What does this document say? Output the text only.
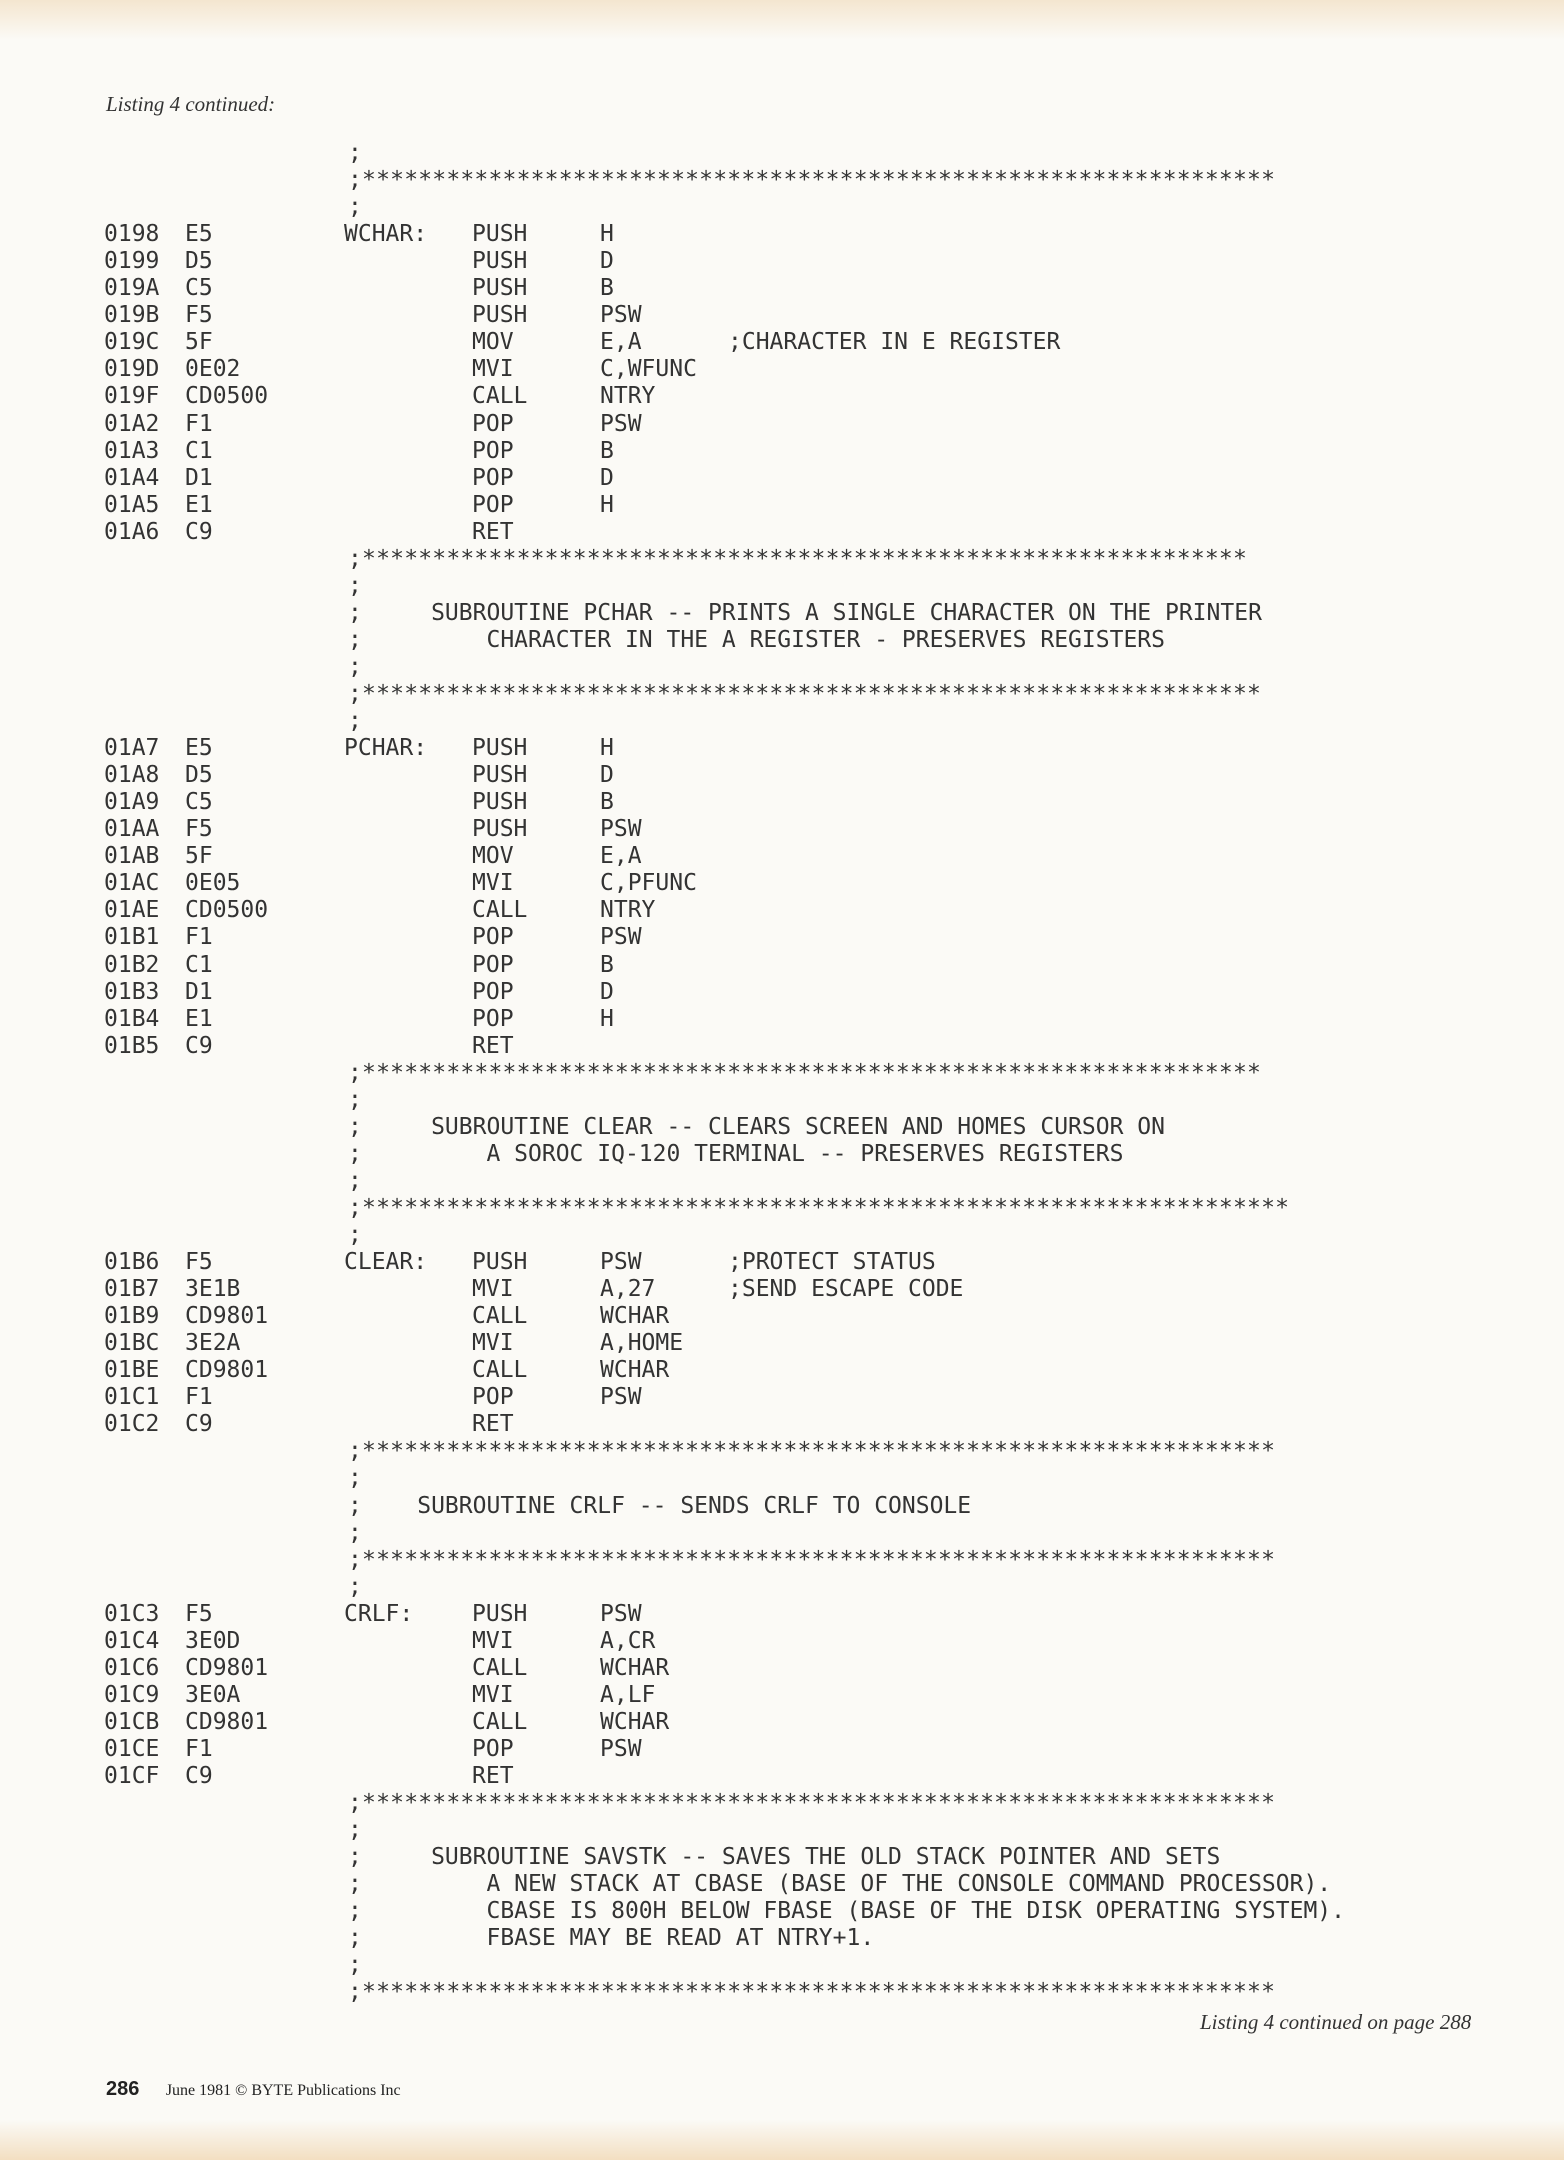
Listing 4 continued:
;
;*****************************************************************
;
0198 E5	WCHAR: PUSH	H
0199 D5	PUSH	D
019A C5	PUSH	B
019B F5	PUSH	PSW
019C 5F	MOV	E,A	;CHARACTER IN E REGISTER
019D 0E02	MVI	C,WFUNC
019F CD0500	CALL	NTRY
01A2 F1	POP	PSW
01A3 C1	POP	B
01A4 D1	POP	D
01A5 E1	POP	H
01A6 C9	RET
;***************************************************************
;
;     SUBROUTINE PCHAR -- PRINTS A SINGLE CHARACTER ON THE PRINTER
;         CHARACTER IN THE A REGISTER - PRESERVES REGISTERS
;
;****************************************************************
;
01A7 E5	PCHAR: PUSH	H
01A8 D5	PUSH	D
01A9 C5	PUSH	B
01AA F5	PUSH	PSW
01AB 5F	MOV	E,A
01AC 0E05	MVI	C,PFUNC
01AE CD0500	CALL	NTRY
01B1 F1	POP	PSW
01B2 C1	POP	B
01B3 D1	POP	D
01B4 E1	POP	H
01B5 C9	RET
;****************************************************************
;
;     SUBROUTINE CLEAR -- CLEARS SCREEN AND HOMES CURSOR ON
;         A SOROC IQ-120 TERMINAL -- PRESERVES REGISTERS
;
;******************************************************************
;
01B6 F5	CLEAR: PUSH	PSW	;PROTECT STATUS
01B7 3E1B	MVI	A,27	;SEND ESCAPE CODE
01B9 CD9801	CALL	WCHAR
01BC 3E2A	MVI	A,HOME
01BE CD9801	CALL	WCHAR
01C1 F1	POP	PSW
01C2 C9	RET
;*****************************************************************
;
;    SUBROUTINE CRLF -- SENDS CRLF TO CONSOLE
;
;*****************************************************************
;
01C3 F5	CRLF:	PUSH	PSW
01C4 3E0D	MVI	A,CR
01C6 CD9801	CALL	WCHAR
01C9 3E0A	MVI	A,LF
01CB CD9801	CALL	WCHAR
01CE F1	POP	PSW
01CF C9	RET
;*****************************************************************
;
;     SUBROUTINE SAVSTK -- SAVES THE OLD STACK POINTER AND SETS
;         A NEW STACK AT CBASE (BASE OF THE CONSOLE COMMAND PROCESSOR).
;         CBASE IS 800H BELOW FBASE (BASE OF THE DISK OPERATING SYSTEM).
;         FBASE MAY BE READ AT NTRY+1.
;
;*****************************************************************
Listing 4 continued on page 288
286 June 1981 © BYTE Publications Inc
